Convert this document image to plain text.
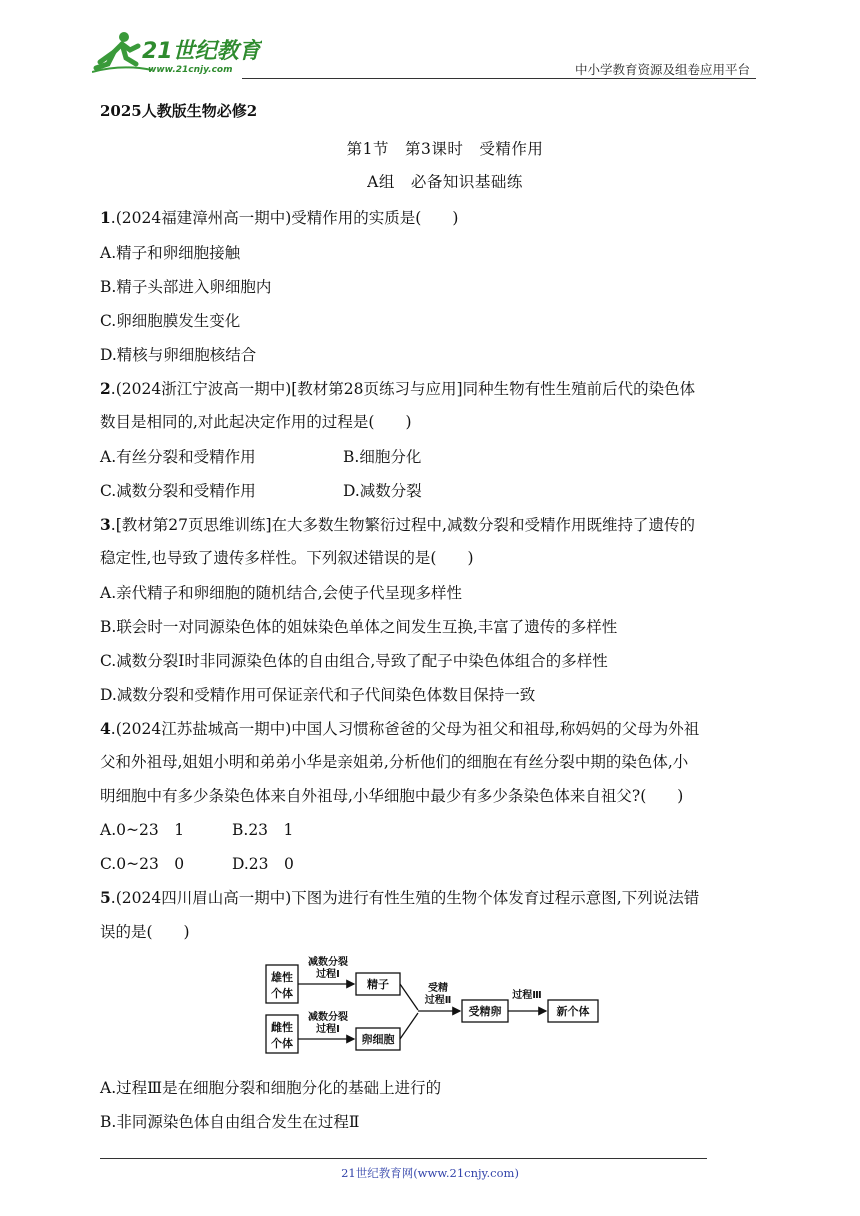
21世纪教育
www.21cnjy.com	中小学教育资源及组卷应用平台
2025人教版生物必修2
第1节　第3课时　受精作用
A组　必备知识基础练

1.(2024福建漳州高一期中)受精作用的实质是(　　)

A.精子和卵细胞接触

B.精子头部进入卵细胞内

C.卵细胞膜发生变化

D.精核与卵细胞核结合

2.(2024浙江宁波高一期中)[教材第28页练习与应用]同种生物有性生殖前后代的染色体

数目是相同的,对此起决定作用的过程是(　　)

A.有丝分裂和受精作用	B.细胞分化
C.减数分裂和受精作用	D.减数分裂

3.[教材第27页思维训练]在大多数生物繁衍过程中,减数分裂和受精作用既维持了遗传的

稳定性,也导致了遗传多样性。下列叙述错误的是(　　)

A.亲代精子和卵细胞的随机结合,会使子代呈现多样性

B.联会时一对同源染色体的姐妹染色单体之间发生互换,丰富了遗传的多样性

C.减数分裂Ⅰ时非同源染色体的自由组合,导致了配子中染色体组合的多样性

D.减数分裂和受精作用可保证亲代和子代间染色体数目保持一致

4.(2024江苏盐城高一期中)中国人习惯称爸爸的父母为祖父和祖母,称妈妈的父母为外祖

父和外祖母,姐姐小明和弟弟小华是亲姐弟,分析他们的细胞在有丝分裂中期的染色体,小

明细胞中有多少条染色体来自外祖母,小华细胞中最少有多少条染色体来自祖父?(　　)

A.0~23　1	B.23　1
C.0~23　0	D.23　0

5.(2024四川眉山高一期中)下图为进行有性生殖的生物个体发育过程示意图,下列说法错

误的是(　　)

雄性
个体
雌性
个体
减数分裂
过程Ⅰ
减数分裂
过程Ⅰ
精子
卵细胞
受精
过程Ⅱ
受精卵
过程Ⅲ
新个体

A.过程Ⅲ是在细胞分裂和细胞分化的基础上进行的

B.非同源染色体自由组合发生在过程Ⅱ

21世纪教育网(www.21cnjy.com)
